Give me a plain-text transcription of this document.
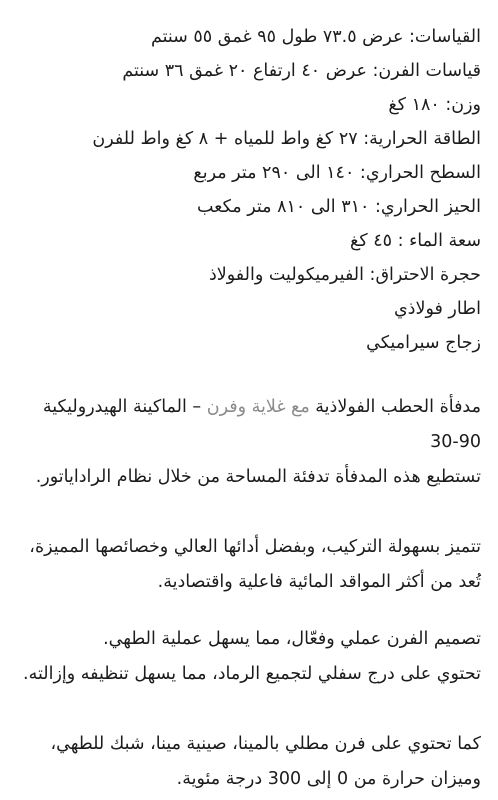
القياسات: عرض ٧٣.٥ طول ٩٥ غمق ٥٥ سنتم
قياسات الفرن: عرض ٤٠ ارتفاع ٢٠ غمق ٣٦ سنتم
وزن: ١٨٠ كغ
الطاقة الحرارية: ٢٧ كغ واط للمياه + ٨ كغ واط للفرن
السطح الحراري: ١٤٠ الى ٢٩٠ متر مربع
الحيز الحراري: ٣١٠ الى ٨١٠ متر مكعب
سعة الماء : ٤٥ كغ
حجرة الاحتراق: الفيرميكوليت والفولاذ
اطار فولاذي
زجاج سيراميكي
مدفأة الحطب الفولاذية مع غلاية وفرن – الماكينة الهيدروليكية 90-30
تستطيع هذه المدفأة تدفئة المساحة من خلال نظام الراداياتور.
تتميز بسهولة التركيب، وبفضل أدائها العالي وخصائصها المميزة، تُعد من أكثر المواقد المائية فاعلية واقتصادية.
تصميم الفرن عملي وفعّال، مما يسهل عملية الطهي.
تحتوي على درج سفلي لتجميع الرماد، مما يسهل تنظيفه وإزالته.
كما تحتوي على فرن مطلي بالمينا، صينية مينا، شبك للطهي، وميزان حرارة من 0 إلى 300 درجة مئوية.
